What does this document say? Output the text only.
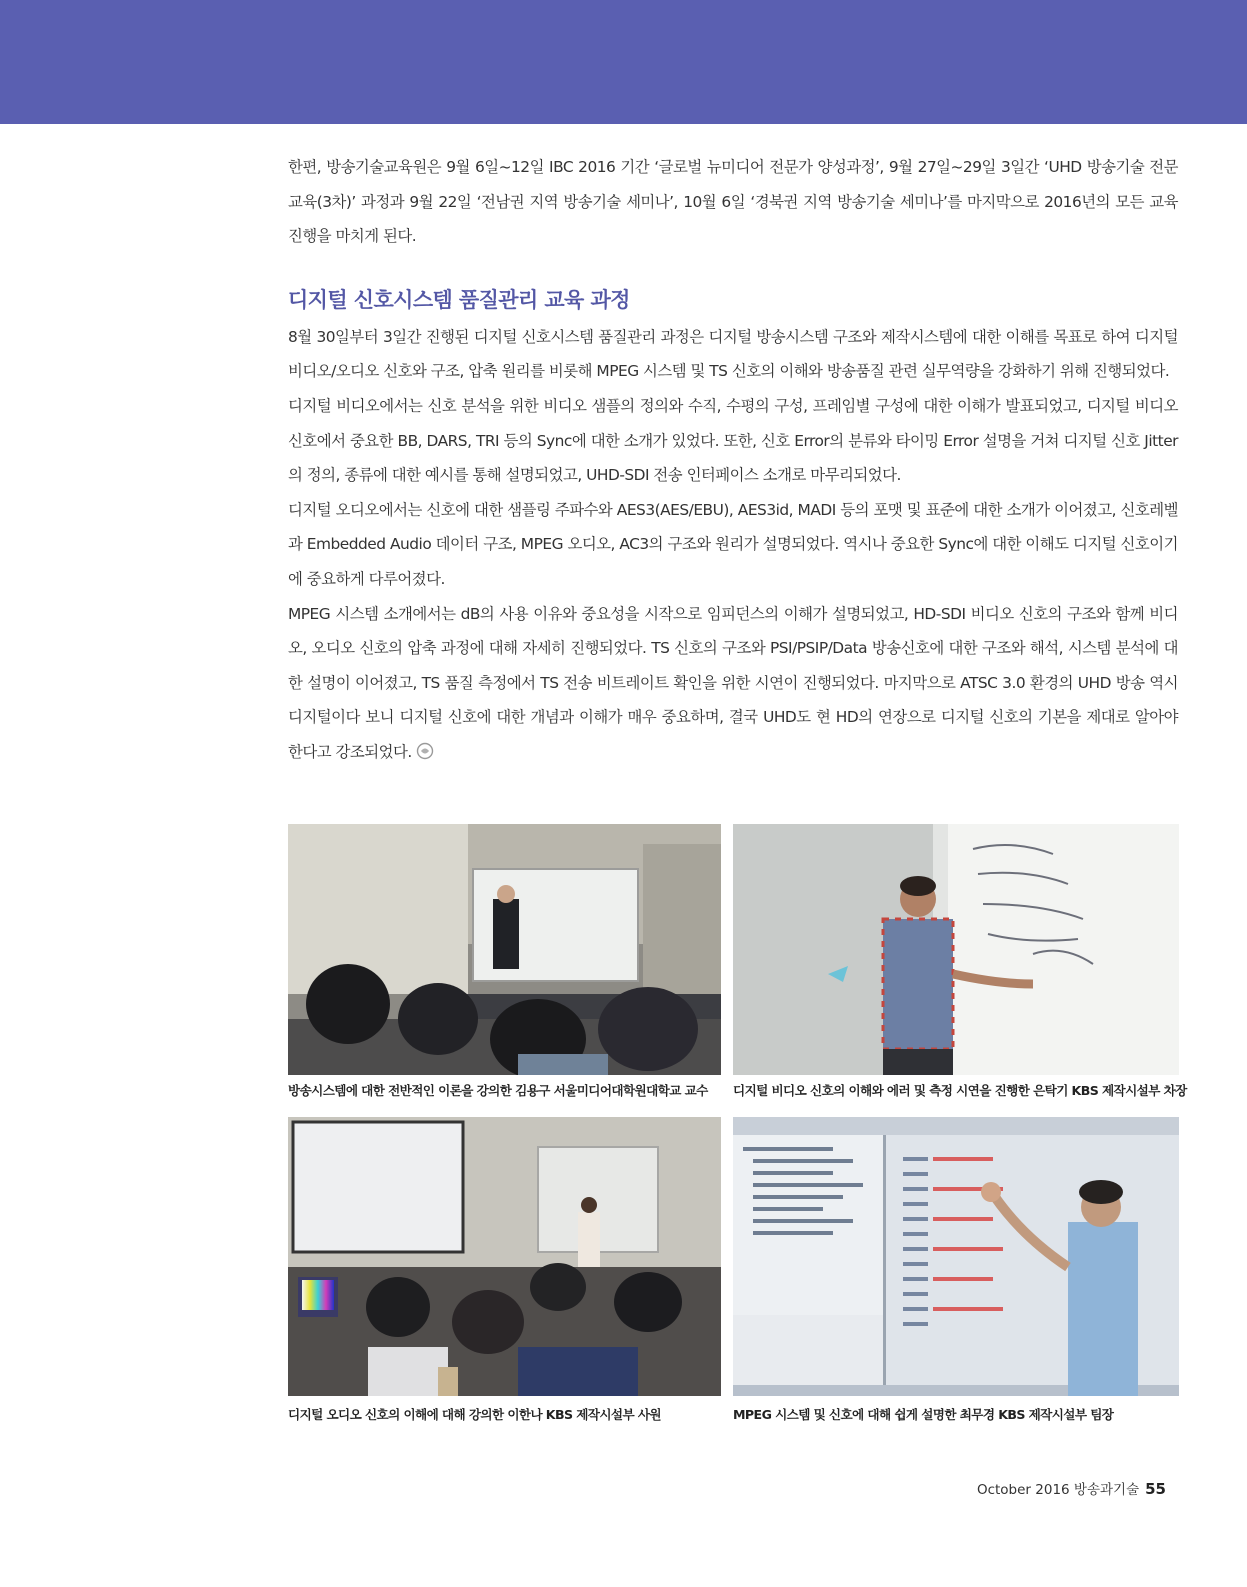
한편, 방송기술교육원은 9월 6일~12일 IBC 2016 기간 ‘글로벌 뉴미디어 전문가 양성과정’, 9월 27일~29일 3일간 ‘UHD 방송기술 전문교육(3차)’ 과정과 9월 22일 ‘전남권 지역 방송기술 세미나’, 10월 6일 ‘경북권 지역 방송기술 세미나’를 마지막으로 2016년의 모든 교육 진행을 마치게 된다.

디지털 신호시스템 품질관리 교육 과정

8월 30일부터 3일간 진행된 디지털 신호시스템 품질관리 과정은 디지털 방송시스템 구조와 제작시스템에 대한 이해를 목표로 하여 디지털 비디오/오디오 신호와 구조, 압축 원리를 비롯해 MPEG 시스템 및 TS 신호의 이해와 방송품질 관련 실무역량을 강화하기 위해 진행되었다.

디지털 비디오에서는 신호 분석을 위한 비디오 샘플의 정의와 수직, 수평의 구성, 프레임별 구성에 대한 이해가 발표되었고, 디지털 비디오 신호에서 중요한 BB, DARS, TRI 등의 Sync에 대한 소개가 있었다. 또한, 신호 Error의 분류와 타이밍 Error 설명을 거쳐 디지털 신호 Jitter의 정의, 종류에 대한 예시를 통해 설명되었고, UHD-SDI 전송 인터페이스 소개로 마무리되었다.

디지털 오디오에서는 신호에 대한 샘플링 주파수와 AES3(AES/EBU), AES3id, MADI 등의 포맷 및 표준에 대한 소개가 이어졌고, 신호레벨과 Embedded Audio 데이터 구조, MPEG 오디오, AC3의 구조와 원리가 설명되었다. 역시나 중요한 Sync에 대한 이해도 디지털 신호이기에 중요하게 다루어졌다.

MPEG 시스템 소개에서는 dB의 사용 이유와 중요성을 시작으로 임피던스의 이해가 설명되었고, HD-SDI 비디오 신호의 구조와 함께 비디오, 오디오 신호의 압축 과정에 대해 자세히 진행되었다. TS 신호의 구조와 PSI/PSIP/Data 방송신호에 대한 구조와 해석, 시스템 분석에 대한 설명이 이어졌고, TS 품질 측정에서 TS 전송 비트레이트 확인을 위한 시연이 진행되었다. 마지막으로 ATSC 3.0 환경의 UHD 방송 역시 디지털이다 보니 디지털 신호에 대한 개념과 이해가 매우 중요하며, 결국 UHD도 현 HD의 연장으로 디지털 신호의 기본을 제대로 알아야 한다고 강조되었다.

방송시스템에 대한 전반적인 이론을 강의한 김용구 서울미디어대학원대학교 교수 디지털 비디오 신호의 이해와 에러 및 측정 시연을 진행한 은탁기 KBS 제작시설부 차장
디지털 오디오 신호의 이해에 대해 강의한 이한나 KBS 제작시설부 사원	MPEG 시스템 및 신호에 대해 쉽게 설명한 최무경 KBS 제작시설부 팀장
October 2016 방송과기술 55
